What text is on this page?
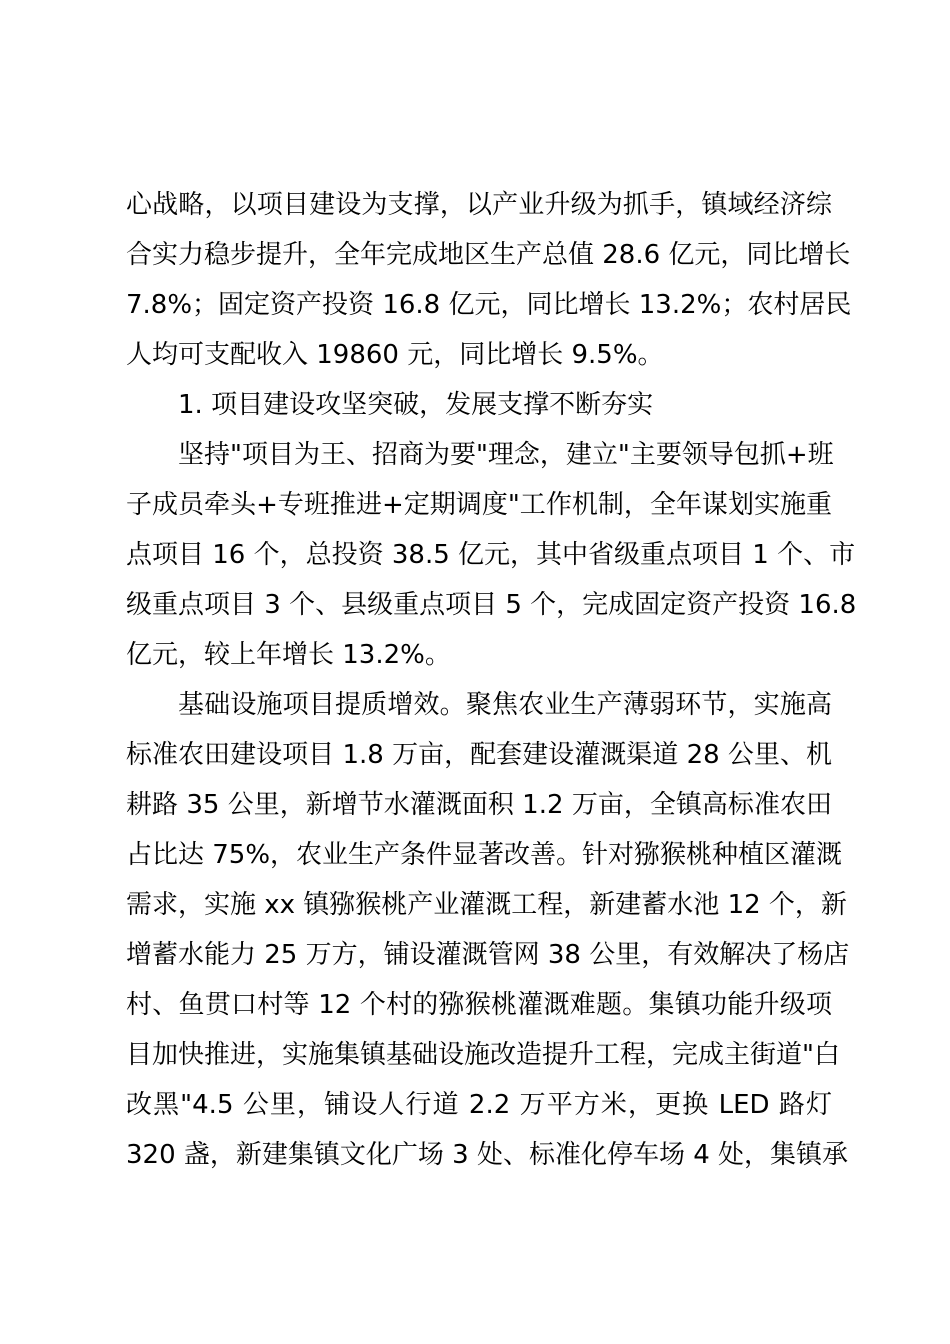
心战略，以项目建设为支撑，以产业升级为抓手，镇域经济综
合实力稳步提升，全年完成地区生产总值 28.6 亿元，同比增长
7.8%；固定资产投资 16.8 亿元，同比增长 13.2%；农村居民
人均可支配收入 19860 元，同比增长 9.5%。
1. 项目建设攻坚突破，发展支撑不断夯实
坚持"项目为王、招商为要"理念，建立"主要领导包抓+班
子成员牵头+专班推进+定期调度"工作机制，全年谋划实施重
点项目 16 个，总投资 38.5 亿元，其中省级重点项目 1 个、市
级重点项目 3 个、县级重点项目 5 个，完成固定资产投资 16.8
亿元，较上年增长 13.2%。
基础设施项目提质增效。聚焦农业生产薄弱环节，实施高
标准农田建设项目 1.8 万亩，配套建设灌溉渠道 28 公里、机
耕路 35 公里，新增节水灌溉面积 1.2 万亩，全镇高标准农田
占比达 75%，农业生产条件显著改善。针对猕猴桃种植区灌溉
需求，实施 xx 镇猕猴桃产业灌溉工程，新建蓄水池 12 个，新
增蓄水能力 25 万方，铺设灌溉管网 38 公里，有效解决了杨店
村、鱼贯口村等 12 个村的猕猴桃灌溉难题。集镇功能升级项
目加快推进，实施集镇基础设施改造提升工程，完成主街道"白
改黑"4.5 公里，铺设人行道 2.2 万平方米，更换 LED 路灯
320 盏，新建集镇文化广场 3 处、标准化停车场 4 处，集镇承
